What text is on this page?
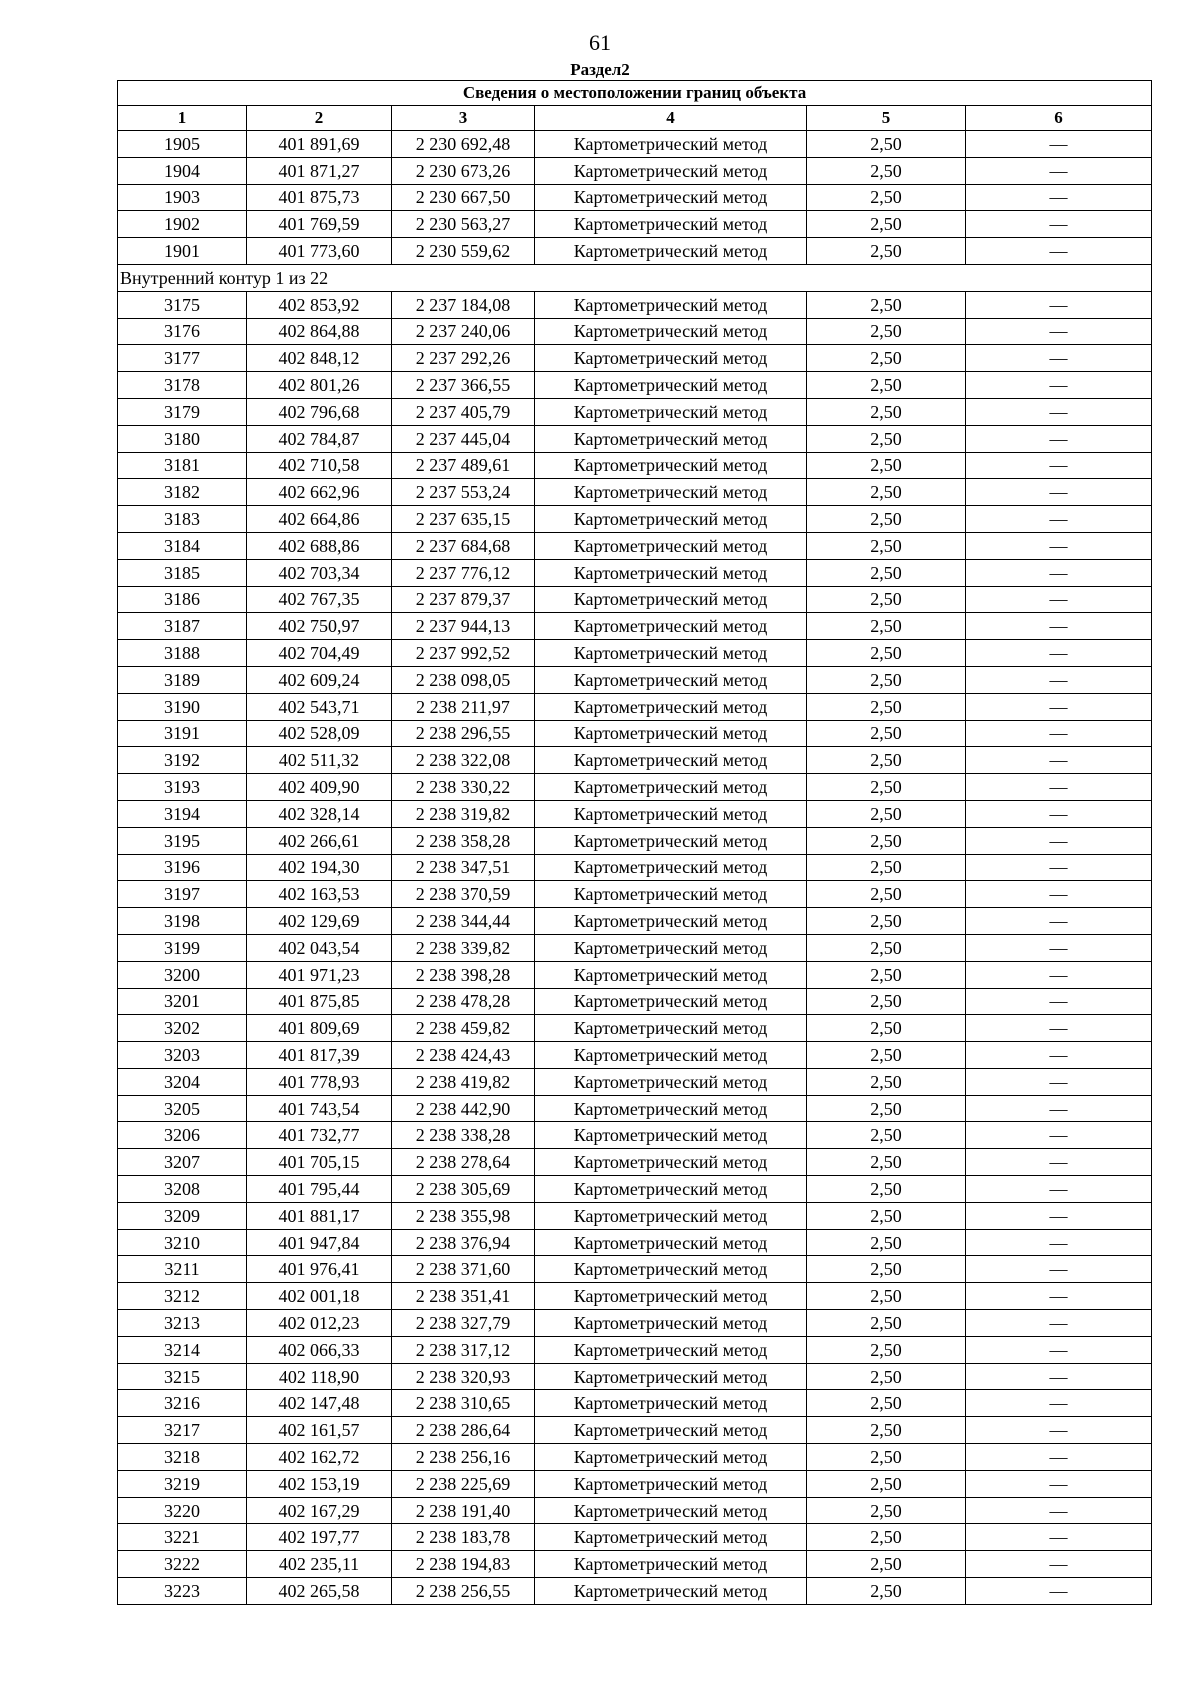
61
Раздел2
Сведения о местоположении границ объекта					
1	2	3	4	5	6
1905	401 891,69	2 230 692,48	Картометрический метод	2,50	—
1904	401 871,27	2 230 673,26	Картометрический метод	2,50	—
1903	401 875,73	2 230 667,50	Картометрический метод	2,50	—
1902	401 769,59	2 230 563,27	Картометрический метод	2,50	—
1901	401 773,60	2 230 559,62	Картометрический метод	2,50	—
Внутренний контур 1 из 22					
3175	402 853,92	2 237 184,08	Картометрический метод	2,50	—
3176	402 864,88	2 237 240,06	Картометрический метод	2,50	—
3177	402 848,12	2 237 292,26	Картометрический метод	2,50	—
3178	402 801,26	2 237 366,55	Картометрический метод	2,50	—
3179	402 796,68	2 237 405,79	Картометрический метод	2,50	—
3180	402 784,87	2 237 445,04	Картометрический метод	2,50	—
3181	402 710,58	2 237 489,61	Картометрический метод	2,50	—
3182	402 662,96	2 237 553,24	Картометрический метод	2,50	—
3183	402 664,86	2 237 635,15	Картометрический метод	2,50	—
3184	402 688,86	2 237 684,68	Картометрический метод	2,50	—
3185	402 703,34	2 237 776,12	Картометрический метод	2,50	—
3186	402 767,35	2 237 879,37	Картометрический метод	2,50	—
3187	402 750,97	2 237 944,13	Картометрический метод	2,50	—
3188	402 704,49	2 237 992,52	Картометрический метод	2,50	—
3189	402 609,24	2 238 098,05	Картометрический метод	2,50	—
3190	402 543,71	2 238 211,97	Картометрический метод	2,50	—
3191	402 528,09	2 238 296,55	Картометрический метод	2,50	—
3192	402 511,32	2 238 322,08	Картометрический метод	2,50	—
3193	402 409,90	2 238 330,22	Картометрический метод	2,50	—
3194	402 328,14	2 238 319,82	Картометрический метод	2,50	—
3195	402 266,61	2 238 358,28	Картометрический метод	2,50	—
3196	402 194,30	2 238 347,51	Картометрический метод	2,50	—
3197	402 163,53	2 238 370,59	Картометрический метод	2,50	—
3198	402 129,69	2 238 344,44	Картометрический метод	2,50	—
3199	402 043,54	2 238 339,82	Картометрический метод	2,50	—
3200	401 971,23	2 238 398,28	Картометрический метод	2,50	—
3201	401 875,85	2 238 478,28	Картометрический метод	2,50	—
3202	401 809,69	2 238 459,82	Картометрический метод	2,50	—
3203	401 817,39	2 238 424,43	Картометрический метод	2,50	—
3204	401 778,93	2 238 419,82	Картометрический метод	2,50	—
3205	401 743,54	2 238 442,90	Картометрический метод	2,50	—
3206	401 732,77	2 238 338,28	Картометрический метод	2,50	—
3207	401 705,15	2 238 278,64	Картометрический метод	2,50	—
3208	401 795,44	2 238 305,69	Картометрический метод	2,50	—
3209	401 881,17	2 238 355,98	Картометрический метод	2,50	—
3210	401 947,84	2 238 376,94	Картометрический метод	2,50	—
3211	401 976,41	2 238 371,60	Картометрический метод	2,50	—
3212	402 001,18	2 238 351,41	Картометрический метод	2,50	—
3213	402 012,23	2 238 327,79	Картометрический метод	2,50	—
3214	402 066,33	2 238 317,12	Картометрический метод	2,50	—
3215	402 118,90	2 238 320,93	Картометрический метод	2,50	—
3216	402 147,48	2 238 310,65	Картометрический метод	2,50	—
3217	402 161,57	2 238 286,64	Картометрический метод	2,50	—
3218	402 162,72	2 238 256,16	Картометрический метод	2,50	—
3219	402 153,19	2 238 225,69	Картометрический метод	2,50	—
3220	402 167,29	2 238 191,40	Картометрический метод	2,50	—
3221	402 197,77	2 238 183,78	Картометрический метод	2,50	—
3222	402 235,11	2 238 194,83	Картометрический метод	2,50	—
3223	402 265,58	2 238 256,55	Картометрический метод	2,50	—
